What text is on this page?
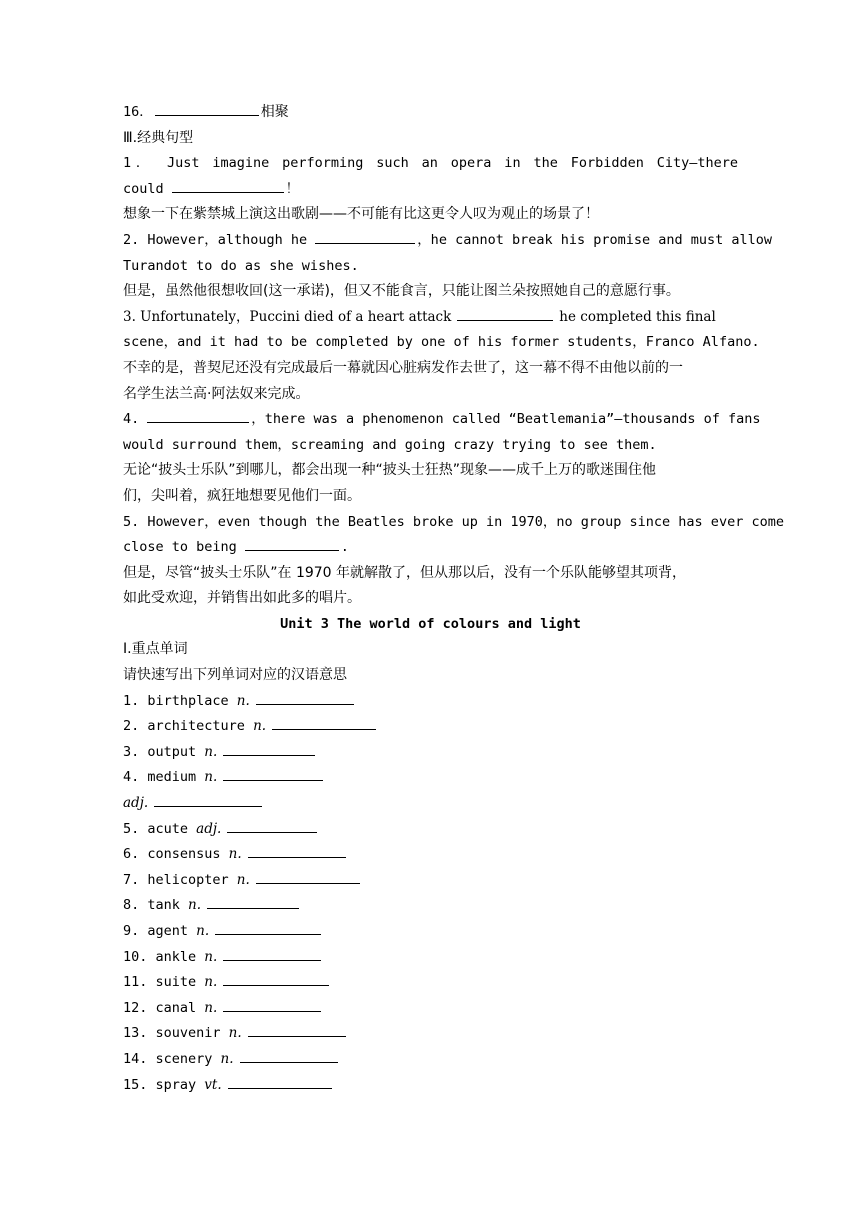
16．	相聚
Ⅲ.经典句型
1． Just imagine performing such an opera in the Forbidden City—there
could	！
想象一下在紫禁城上演这出歌剧——不可能有比这更令人叹为观止的场景了！
2. However，although he	，he cannot break his promise and must allow
Turandot to do as she wishes.
但是，虽然他很想收回(这一承诺)，但又不能食言，只能让图兰朵按照她自己的意愿行事。
3. Unfortunately，Puccini died of a heart attack	he completed this final
scene，and it had to be completed by one of his former students，Franco Alfano.
不幸的是，普契尼还没有完成最后一幕就因心脏病发作去世了，这一幕不得不由他以前的一
名学生法兰高·阿法奴来完成。
4.	，there was a phenomenon called “Beatlemania”—thousands of fans
would surround them，screaming and going crazy trying to see them.
无论“披头士乐队”到哪儿，都会出现一种“披头士狂热”现象——成千上万的歌迷围住他
们，尖叫着，疯狂地想要见他们一面。
5. However，even though the Beatles broke up in 1970，no group since has ever come
close to being	.
但是，尽管“披头士乐队”在 1970 年就解散了，但从那以后，没有一个乐队能够望其项背，
如此受欢迎，并销售出如此多的唱片。
Unit 3 The world of colours and light
Ⅰ.重点单词
请快速写出下列单词对应的汉语意思
1. birthplace n.
2. architecture n.
3. output n.
4. medium n.
adj.
5. acute adj.
6. consensus n.
7. helicopter n.
8. tank n.
9. agent n.
10. ankle n.
11. suite n.
12. canal n.
13. souvenir n.
14. scenery n.
15. spray vt.
